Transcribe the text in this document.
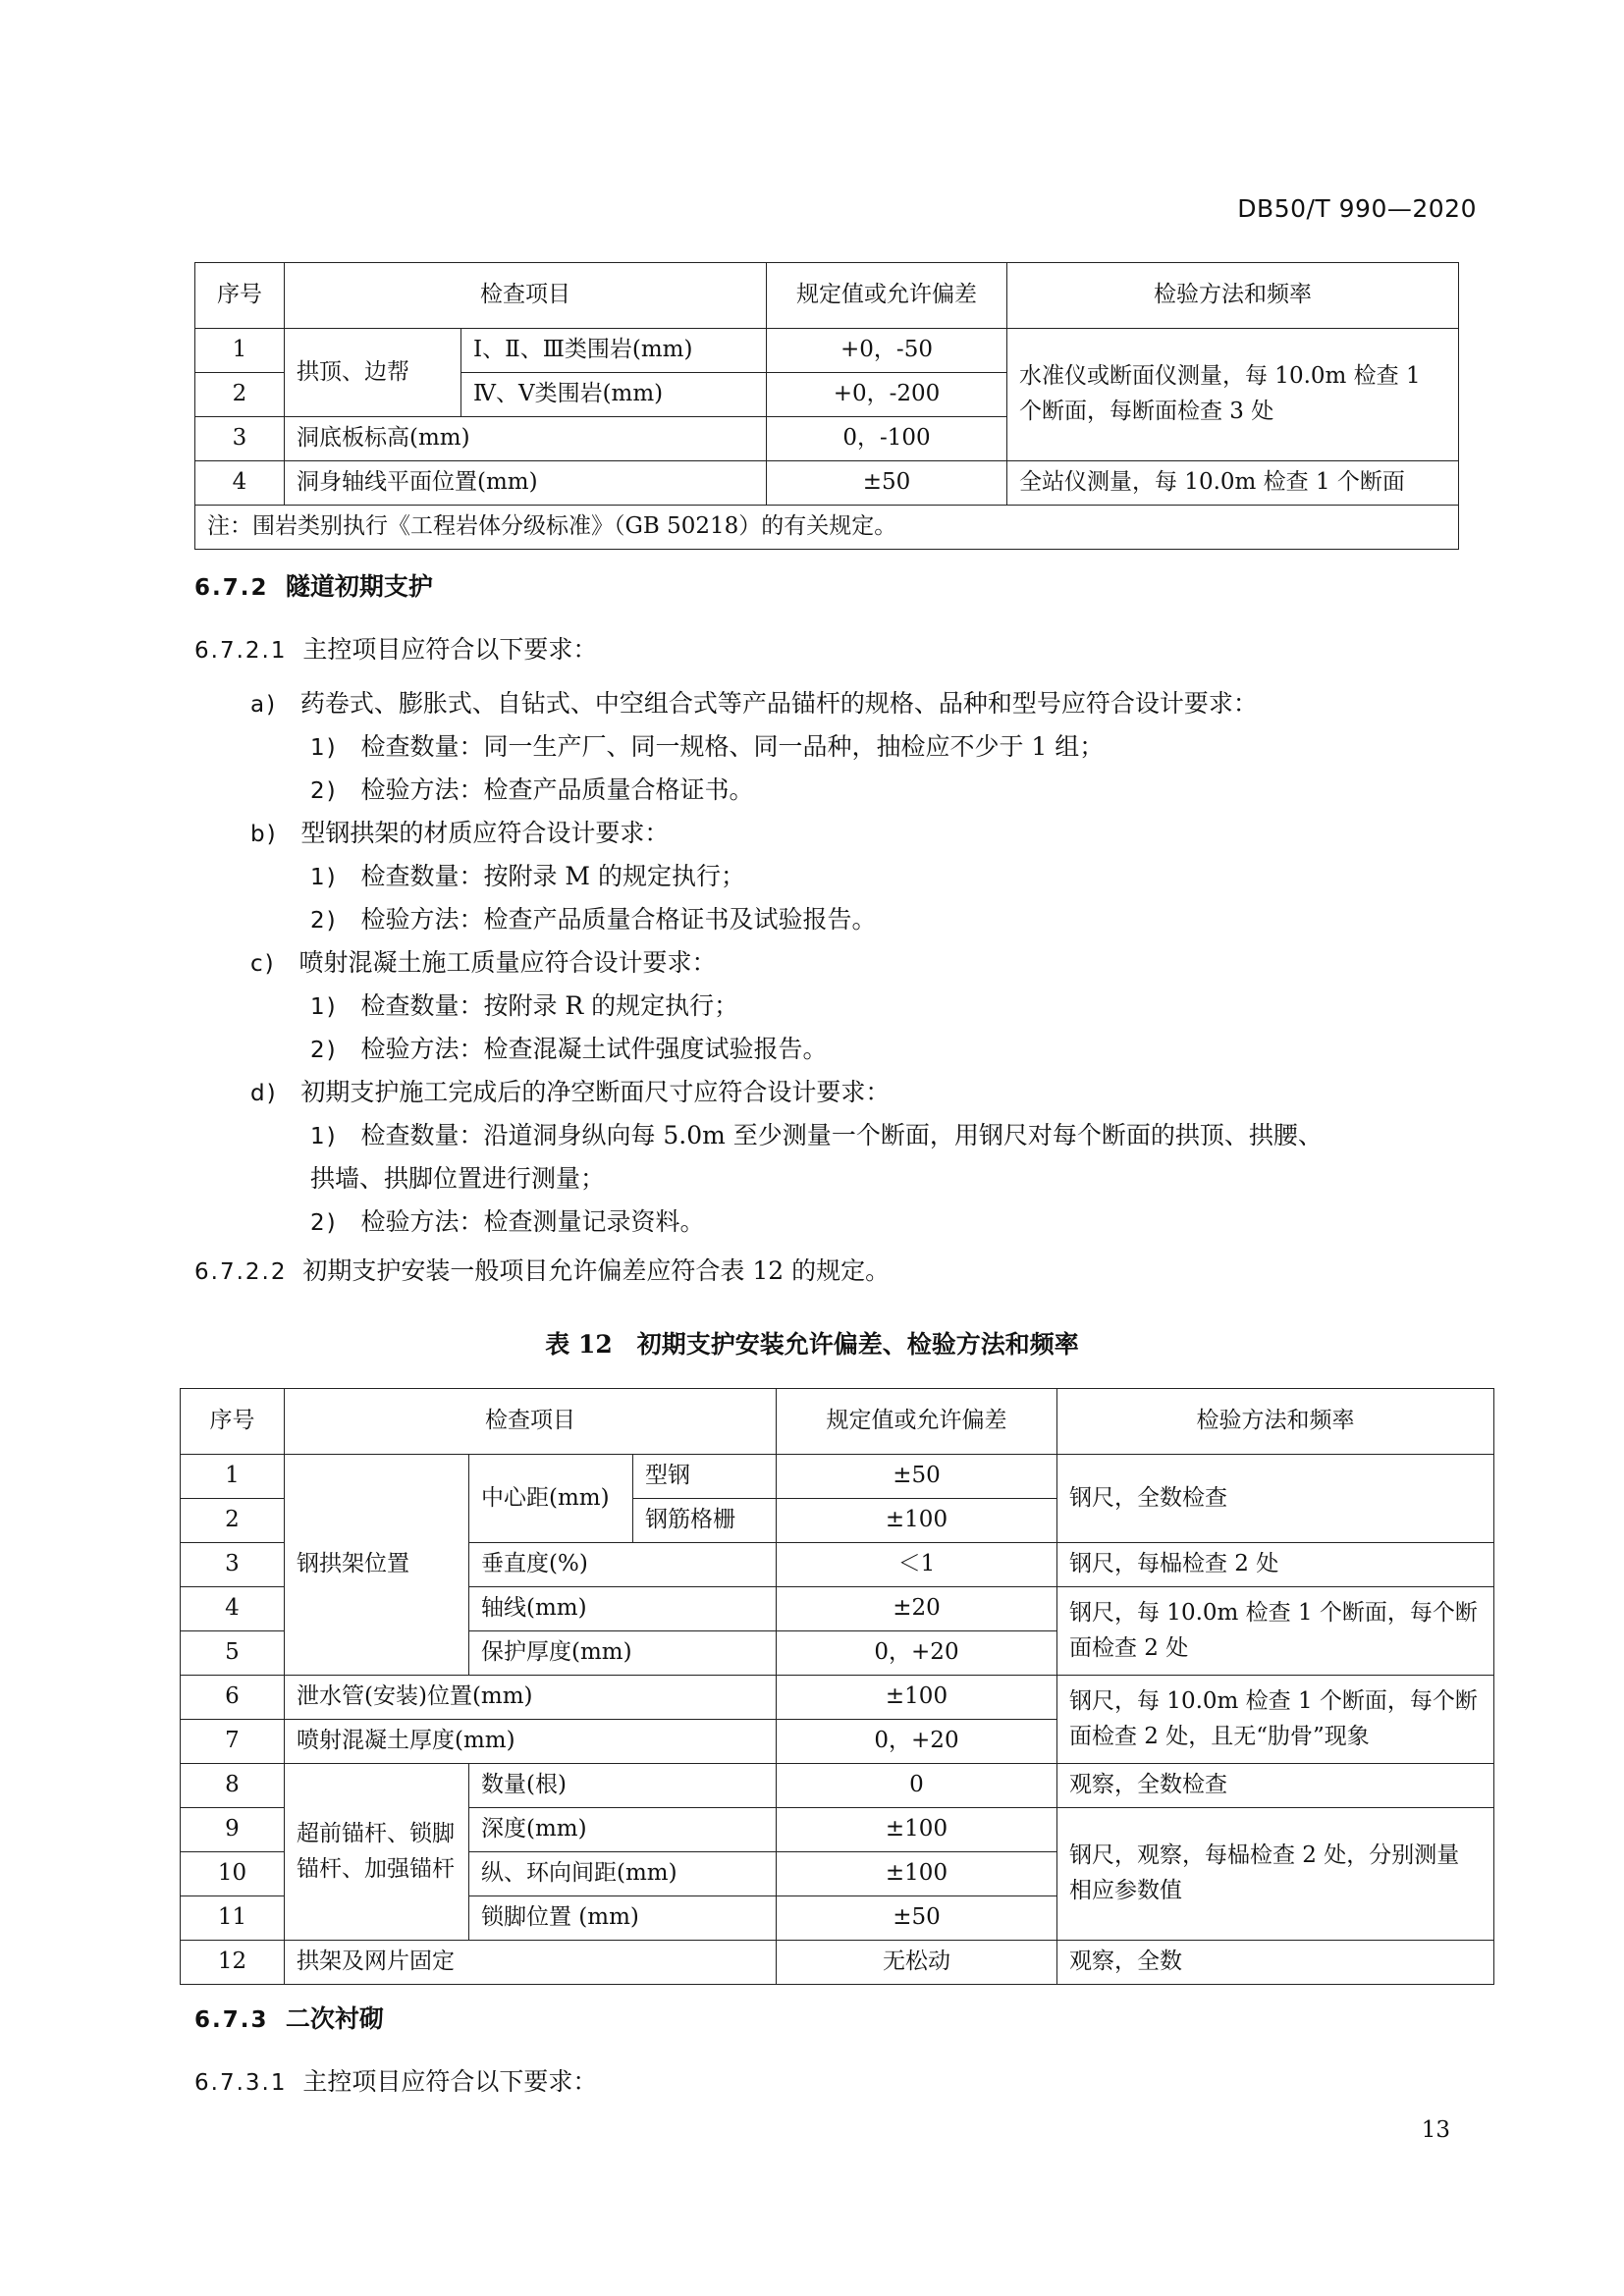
DB50/T 990—2020
序号	检查项目		规定值或允许偏差	检验方法和频率
1	拱顶、边帮	Ⅰ、Ⅱ、Ⅲ类围岩(mm)	+0，-50	水准仪或断面仪测量，每 10.0m 检查 1 个断面，每断面检查 3 处
2		Ⅳ、Ⅴ类围岩(mm)	+0，-200	
3	洞底板标高(mm)		0，-100	
4	洞身轴线平面位置(mm)		±50	全站仪测量，每 10.0m 检查 1 个断面
注：围岩类别执行《工程岩体分级标准》（GB 50218）的有关规定。				
6.7.2 隧道初期支护
6.7.2.1 主控项目应符合以下要求：
a) 药卷式、膨胀式、自钻式、中空组合式等产品锚杆的规格、品种和型号应符合设计要求：
1) 检查数量：同一生产厂、同一规格、同一品种，抽检应不少于 1 组；
2) 检验方法：检查产品质量合格证书。
b) 型钢拱架的材质应符合设计要求：
1) 检查数量：按附录 M 的规定执行；
2) 检验方法：检查产品质量合格证书及试验报告。
c) 喷射混凝土施工质量应符合设计要求：
1) 检查数量：按附录 R 的规定执行；
2) 检验方法：检查混凝土试件强度试验报告。
d) 初期支护施工完成后的净空断面尺寸应符合设计要求：
1) 检查数量：沿道洞身纵向每 5.0m 至少测量一个断面，用钢尺对每个断面的拱顶、拱腰、
拱墙、拱脚位置进行测量；
2) 检验方法：检查测量记录资料。
6.7.2.2 初期支护安装一般项目允许偏差应符合表 12 的规定。
表 12　初期支护安装允许偏差、检验方法和频率
序号	检查项目			规定值或允许偏差	检验方法和频率
1	钢拱架位置	中心距(mm)	型钢	±50	钢尺，全数检查
2			钢筋格栅	±100	
3		垂直度(%)		＜1	钢尺，每榀检查 2 处
4		轴线(mm)		±20	钢尺，每 10.0m 检查 1 个断面，每个断面检查 2 处
5		保护厚度(mm)		0，+20	
6	泄水管(安装)位置(mm)			±100	钢尺，每 10.0m 检查 1 个断面，每个断面检查 2 处，且无“肋骨”现象
7	喷射混凝土厚度(mm)			0，+20	
8	超前锚杆、锁脚锚杆、加强锚杆	数量(根)		0	观察，全数检查
9		深度(mm)		±100	钢尺，观察，每榀检查 2 处，分别测量相应参数值
10		纵、环向间距(mm)		±100	
11		锁脚位置 (mm)		±50	
12	拱架及网片固定			无松动	观察，全数
6.7.3 二次衬砌
6.7.3.1 主控项目应符合以下要求：
13
